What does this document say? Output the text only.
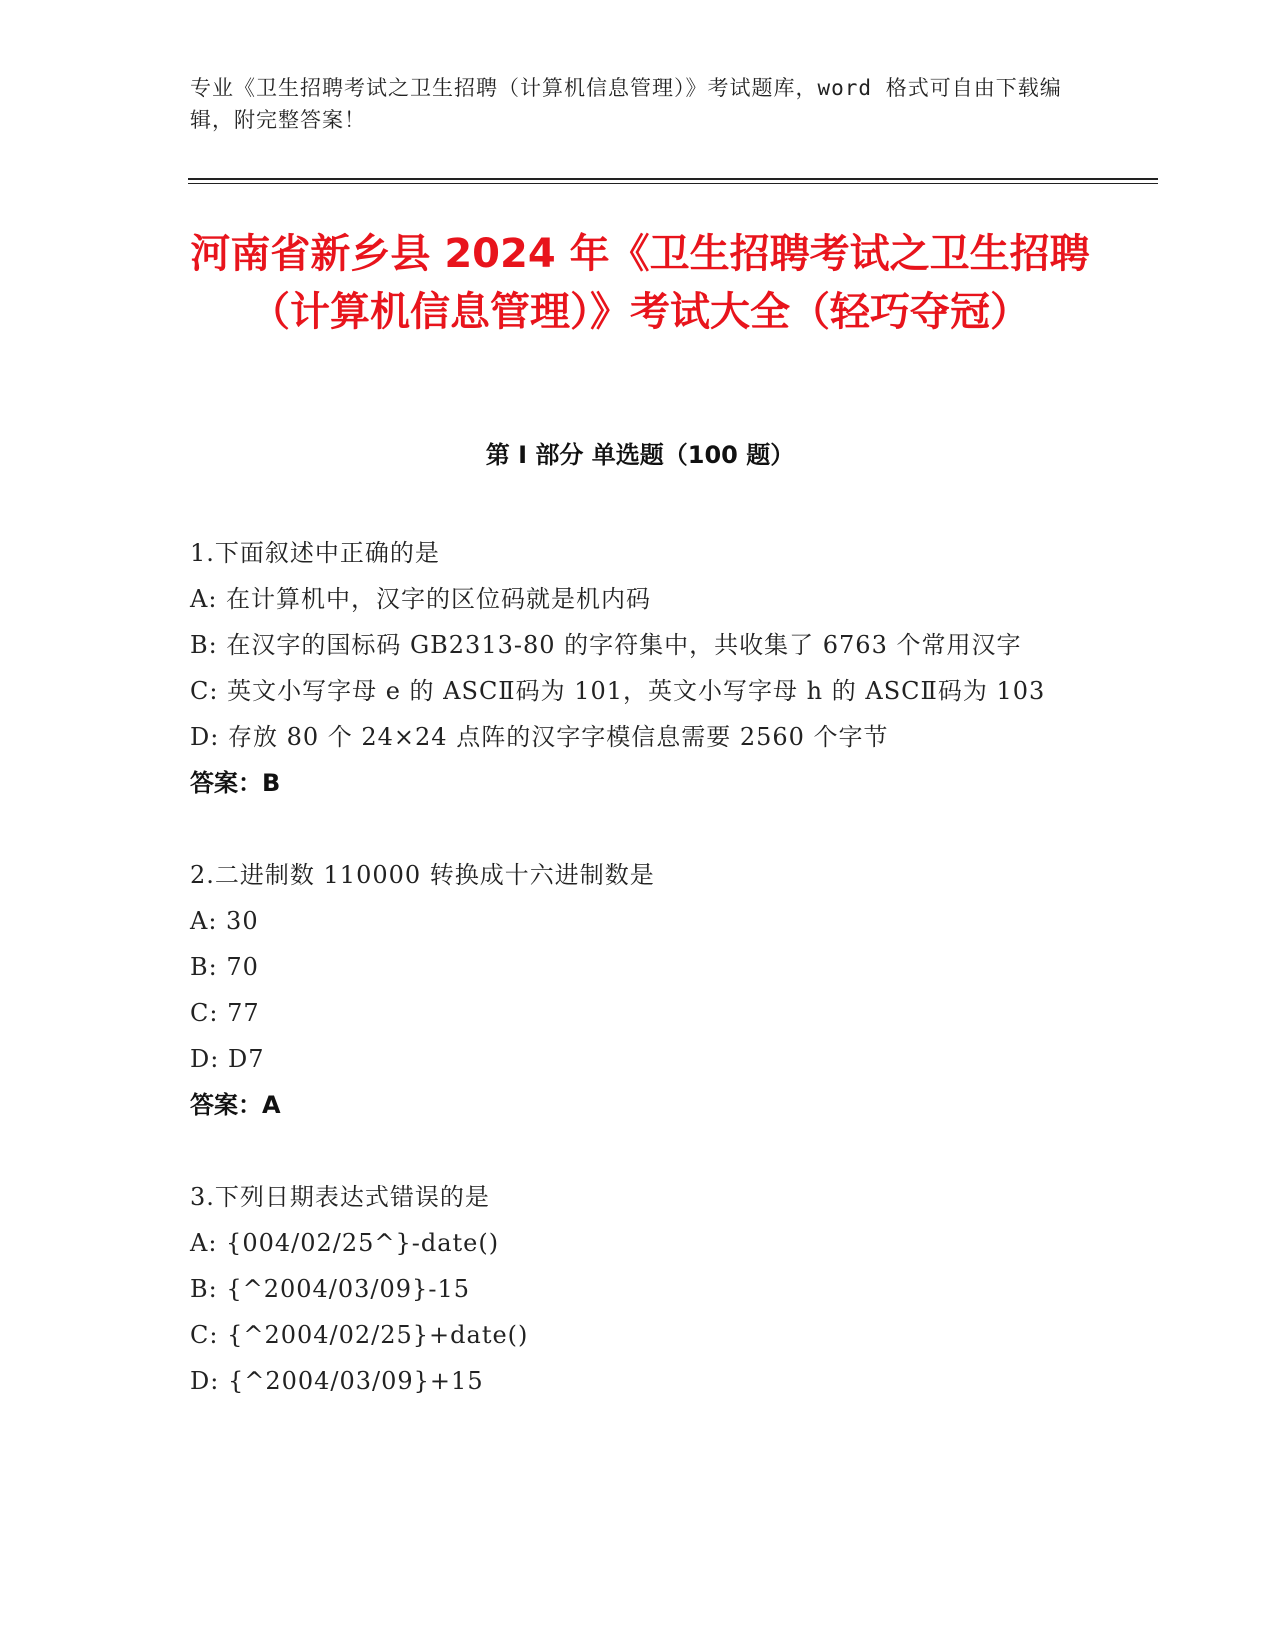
专业《卫生招聘考试之卫生招聘（计算机信息管理）》考试题库，word 格式可自由下载编辑，附完整答案！
河南省新乡县 2024 年《卫生招聘考试之卫生招聘（计算机信息管理）》考试大全（轻巧夺冠）
第 I 部分 单选题（100 题）
1.下面叙述中正确的是
A: 在计算机中，汉字的区位码就是机内码
B: 在汉字的国标码 GB2313-80 的字符集中，共收集了 6763 个常用汉字
C: 英文小写字母 e 的 ASCⅡ码为 101，英文小写字母 h 的 ASCⅡ码为 103
D: 存放 80 个 24×24 点阵的汉字字模信息需要 2560 个字节
答案：B
2.二进制数 110000 转换成十六进制数是
A: 30
B: 70
C: 77
D: D7
答案：A
3.下列日期表达式错误的是
A: {004/02/25^}-date()
B: {^2004/03/09}-15
C: {^2004/02/25}+date()
D: {^2004/03/09}+15
